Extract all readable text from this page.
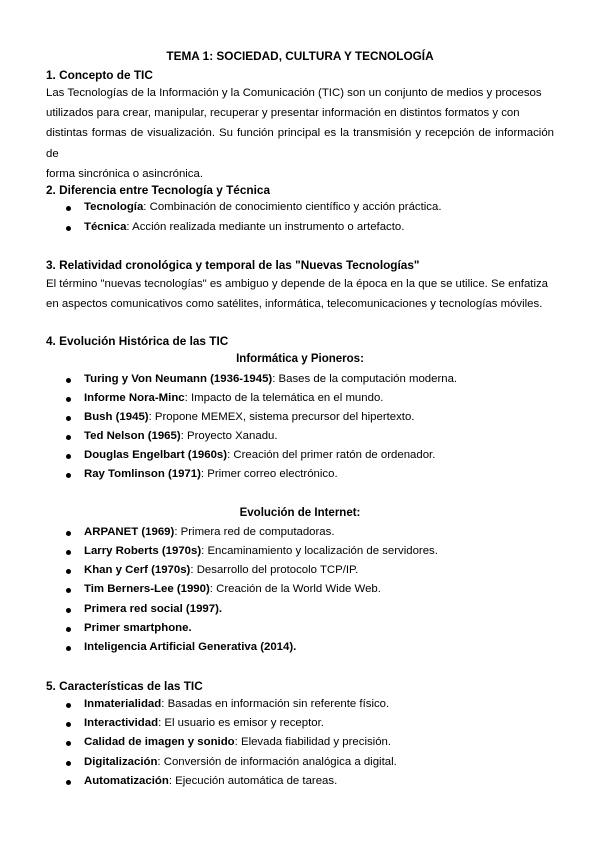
TEMA 1: SOCIEDAD, CULTURA Y TECNOLOGÍA
1. Concepto de TIC
Las Tecnologías de la Información y la Comunicación (TIC) son un conjunto de medios y procesos
utilizados para crear, manipular, recuperar y presentar información en distintos formatos y con
distintas formas de visualización. Su función principal es la transmisión y recepción de información de
forma sincrónica o asincrónica.
2. Diferencia entre Tecnología y Técnica
Tecnología: Combinación de conocimiento científico y acción práctica.
Técnica: Acción realizada mediante un instrumento o artefacto.
3. Relatividad cronológica y temporal de las "Nuevas Tecnologías"
El término "nuevas tecnologías" es ambiguo y depende de la época en la que se utilice. Se enfatiza
en aspectos comunicativos como satélites, informática, telecomunicaciones y tecnologías móviles.
4. Evolución Histórica de las TIC
Informática y Pioneros:
Turing y Von Neumann (1936-1945): Bases de la computación moderna.
Informe Nora-Minc: Impacto de la telemática en el mundo.
Bush (1945): Propone MEMEX, sistema precursor del hipertexto.
Ted Nelson (1965): Proyecto Xanadu.
Douglas Engelbart (1960s): Creación del primer ratón de ordenador.
Ray Tomlinson (1971): Primer correo electrónico.
Evolución de Internet:
ARPANET (1969): Primera red de computadoras.
Larry Roberts (1970s): Encaminamiento y localización de servidores.
Khan y Cerf (1970s): Desarrollo del protocolo TCP/IP.
Tim Berners-Lee (1990): Creación de la World Wide Web.
Primera red social (1997).
Primer smartphone.
Inteligencia Artificial Generativa (2014).
5. Características de las TIC
Inmaterialidad: Basadas en información sin referente físico.
Interactividad: El usuario es emisor y receptor.
Calidad de imagen y sonido: Elevada fiabilidad y precisión.
Digitalización: Conversión de información analógica a digital.
Automatización: Ejecución automática de tareas.
